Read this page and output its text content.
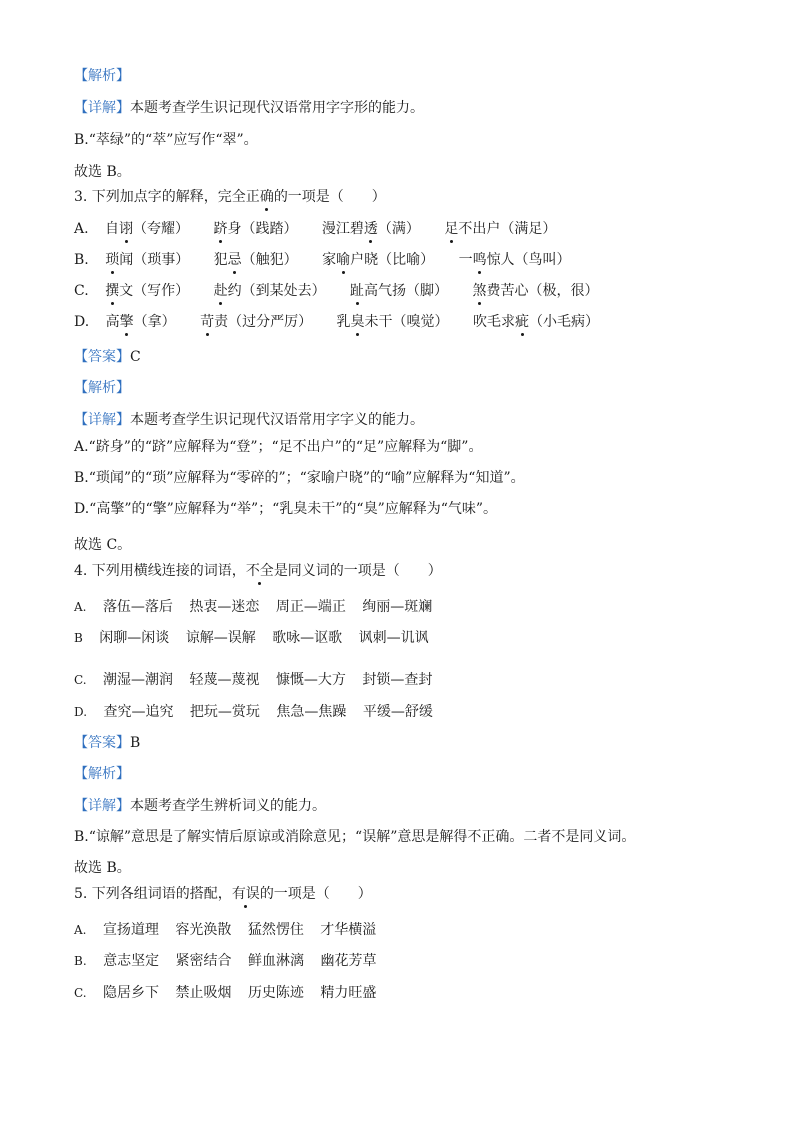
【解析】
【详解】本题考查学生识记现代汉语常用字字形的能力。
B.“萃绿”的“萃”应写作“翠”。
故选 B。
3. 下列加点字的解释，完全正确的一项是（　　）
A. 自诩（夸耀） 跻身（践踏） 漫江碧透（满） 足不出户（满足）
B. 琐闻（琐事） 犯忌（触犯） 家喻户晓（比喻） 一鸣惊人（鸟叫）
C. 撰文（写作） 赴约（到某处去） 趾高气扬（脚） 煞费苦心（极，很）
D. 高擎（拿） 苛责（过分严厉） 乳臭未干（嗅觉） 吹毛求疵（小毛病）
【答案】C
【解析】
【详解】本题考查学生识记现代汉语常用字字义的能力。
A.“跻身”的“跻”应解释为“登”；“足不出户”的“足”应解释为“脚”。
B.“琐闻”的“琐”应解释为“零碎的”；“家喻户晓”的“喻”应解释为“知道”。
D.“高擎”的“擎”应解释为“举”；“乳臭未干”的“臭”应解释为“气味”。
故选 C。
4. 下列用横线连接的词语，不全是同义词的一项是（　　）
A. 落伍—落后 热衷—迷恋 周正—端正 绚丽—斑斓
B 闲聊—闲谈 谅解—误解 歌咏—讴歌 讽刺—讥讽
C. 潮湿—潮润 轻蔑—蔑视 慷慨—大方 封锁—查封
D. 查究—追究 把玩—赏玩 焦急—焦躁 平缓—舒缓
【答案】B
【解析】
【详解】本题考查学生辨析词义的能力。
B.“谅解”意思是了解实情后原谅或消除意见；“误解”意思是解得不正确。二者不是同义词。
故选 B。
5. 下列各组词语的搭配，有误的一项是（　　）
A. 宣扬道理 容光涣散 猛然愣住 才华横溢
B. 意志坚定 紧密结合 鲜血淋漓 幽花芳草
C. 隐居乡下 禁止吸烟 历史陈迹 精力旺盛
